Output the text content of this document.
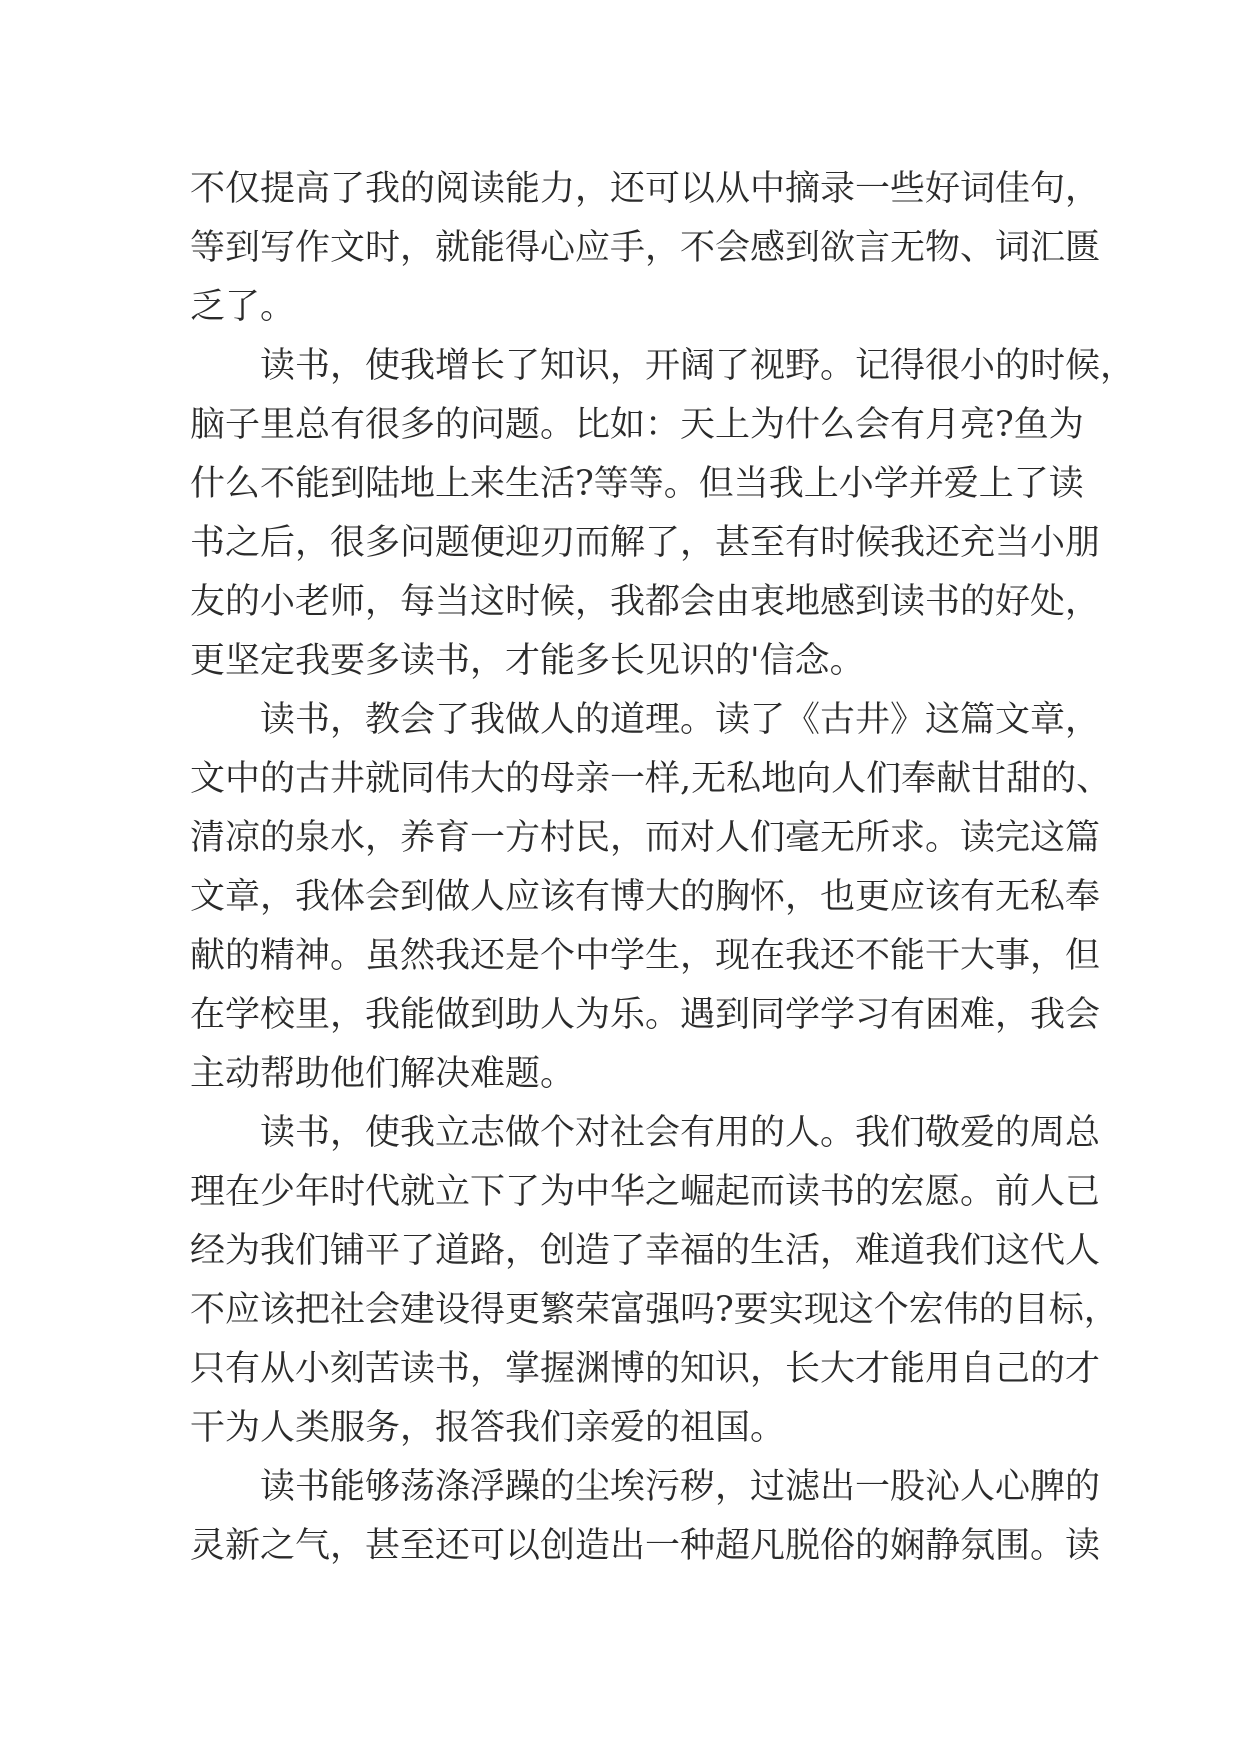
不仅提高了我的阅读能力，还可以从中摘录一些好词佳句，
等到写作文时，就能得心应手，不会感到欲言无物、词汇匮
乏了。
读书，使我增长了知识，开阔了视野。记得很小的时候，
脑子里总有很多的问题。比如：天上为什么会有月亮?鱼为
什么不能到陆地上来生活?等等。但当我上小学并爱上了读
书之后，很多问题便迎刃而解了，甚至有时候我还充当小朋
友的小老师，每当这时候，我都会由衷地感到读书的好处，
更坚定我要多读书，才能多长见识的'信念。
读书，教会了我做人的道理。读了《古井》这篇文章，
文中的古井就同伟大的母亲一样,无私地向人们奉献甘甜的、
清凉的泉水，养育一方村民，而对人们毫无所求。读完这篇
文章，我体会到做人应该有博大的胸怀，也更应该有无私奉
献的精神。虽然我还是个中学生，现在我还不能干大事，但
在学校里，我能做到助人为乐。遇到同学学习有困难，我会
主动帮助他们解决难题。
读书，使我立志做个对社会有用的人。我们敬爱的周总
理在少年时代就立下了为中华之崛起而读书的宏愿。前人已
经为我们铺平了道路，创造了幸福的生活，难道我们这代人
不应该把社会建设得更繁荣富强吗?要实现这个宏伟的目标，
只有从小刻苦读书，掌握渊博的知识，长大才能用自己的才
干为人类服务，报答我们亲爱的祖国。
读书能够荡涤浮躁的尘埃污秽，过滤出一股沁人心脾的
灵新之气，甚至还可以创造出一种超凡脱俗的娴静氛围。读
